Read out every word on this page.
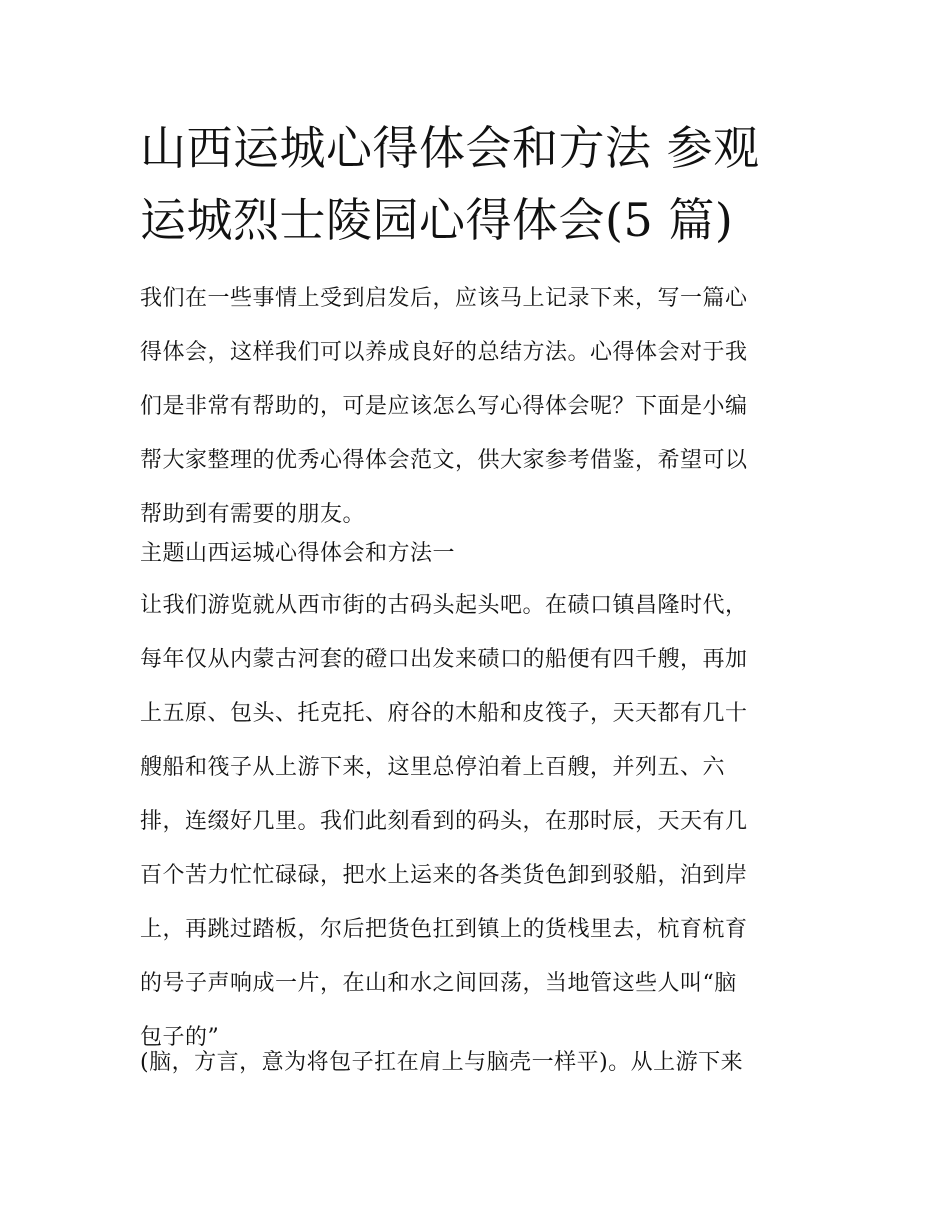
山西运城心得体会和方法 参观
运城烈士陵园心得体会(5 篇)

我们在一些事情上受到启发后，应该马上记录下来，写一篇心
得体会，这样我们可以养成良好的总结方法。心得体会对于我
们是非常有帮助的，可是应该怎么写心得体会呢？下面是小编
帮大家整理的优秀心得体会范文，供大家参考借鉴，希望可以
帮助到有需要的朋友。

主题山西运城心得体会和方法一

让我们游览就从西市街的古码头起头吧。在碛口镇昌隆时代，
每年仅从内蒙古河套的磴口出发来碛口的船便有四千艘，再加
上五原、包头、托克托、府谷的木船和皮筏子，天天都有几十
艘船和筏子从上游下来，这里总停泊着上百艘，并列五、六
排，连缀好几里。我们此刻看到的码头，在那时辰，天天有几
百个苦力忙忙碌碌，把水上运来的各类货色卸到驳船，泊到岸
上，再跳过踏板，尔后把货色扛到镇上的货栈里去，杭育杭育
的号子声响成一片，在山和水之间回荡，当地管这些人叫“脑
包子的”

(脑，方言，意为将包子扛在肩上与脑壳一样平)。从上游下来
